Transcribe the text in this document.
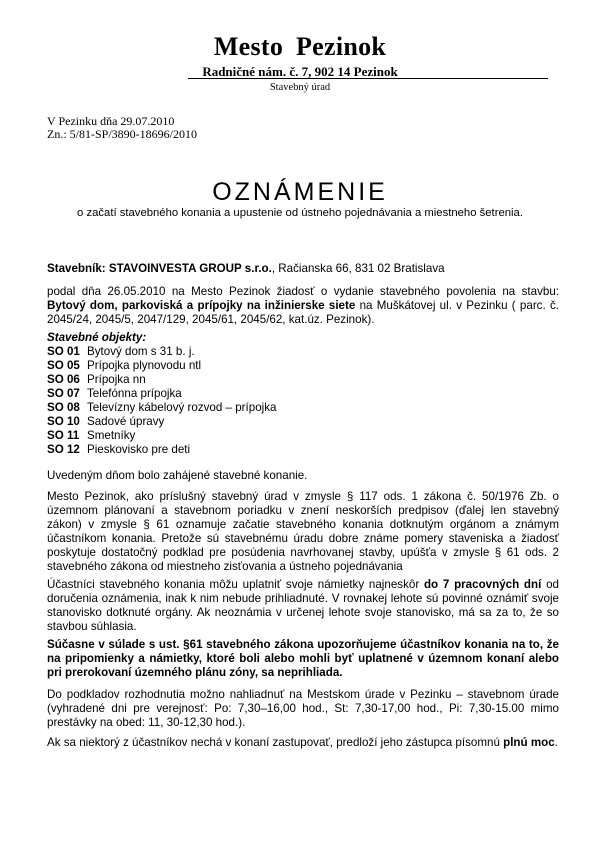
Mesto Pezinok
Radničné nám. č. 7, 902 14 Pezinok
Stavebný úrad
V Pezinku dňa 29.07.2010
Zn.: 5/81-SP/3890-18696/2010
OZNÁMENIE
o začatí stavebného konania a upustenie od ústneho pojednávania a miestneho šetrenia.
Stavebník: STAVOINVESTA GROUP s.r.o., Račianska 66, 831 02 Bratislava
podal dňa 26.05.2010 na Mesto Pezinok žiadosť o vydanie stavebného povolenia na stavbu: Bytový dom, parkoviská a prípojky na inžinierske siete na Muškátovej ul. v Pezinku ( parc. č. 2045/24, 2045/5, 2047/129, 2045/61, 2045/62, kat.úz. Pezinok).
Stavebné objekty:
SO 01 Bytový dom s 31 b. j.
SO 05 Prípojka plynovodu ntl
SO 06 Prípojka nn
SO 07 Telefónna prípojka
SO 08 Televízny kábelový rozvod – prípojka
SO 10 Sadové úpravy
SO 11 Smetníky
SO 12 Pieskovisko pre deti
Uvedeným dňom bolo zahájené stavebné konanie.
Mesto Pezinok, ako príslušný stavebný úrad v zmysle § 117 ods. 1 zákona č. 50/1976 Zb. o územnom plánovaní a stavebnom poriadku v znení neskorších predpisov (ďalej len stavebný zákon) v zmysle § 61 oznamuje začatie stavebného konania dotknutým orgánom a známym účastníkom konania. Pretože sú stavebnému úradu dobre známe pomery staveniska a žiadosť poskytuje dostatočný podklad pre posúdenia navrhovanej stavby, upúšťa v zmysle § 61 ods. 2 stavebného zákona od miestneho zisťovania a ústneho pojednávania
Účastníci stavebného konania môžu uplatniť svoje námietky najneskôr do 7 pracovných dní od doručenia oznámenia, inak k nim nebude prihliadnuté. V rovnakej lehote sú povinné oznámiť svoje stanovisko dotknuté orgány. Ak neoznámia v určenej lehote svoje stanovisko, má sa za to, že so stavbou súhlasia.
Súčasne v súlade s ust. §61 stavebného zákona upozorňujeme účastníkov konania na to, že na pripomienky a námietky, ktoré boli alebo mohli byť uplatnené v územnom konaní alebo pri prerokovaní územného plánu zóny, sa neprihliada.
Do podkladov rozhodnutia možno nahliadnuť na Mestskom úrade v Pezinku – stavebnom úrade (vyhradené dni pre verejnosť: Po: 7,30–16,00 hod., St: 7,30-17,00 hod., Pi: 7,30-15.00 mimo prestávky na obed: 11, 30-12,30 hod.).
Ak sa niektorý z účastníkov nechá v konaní zastupovať, predloží jeho zástupca písomnú plnú moc.
